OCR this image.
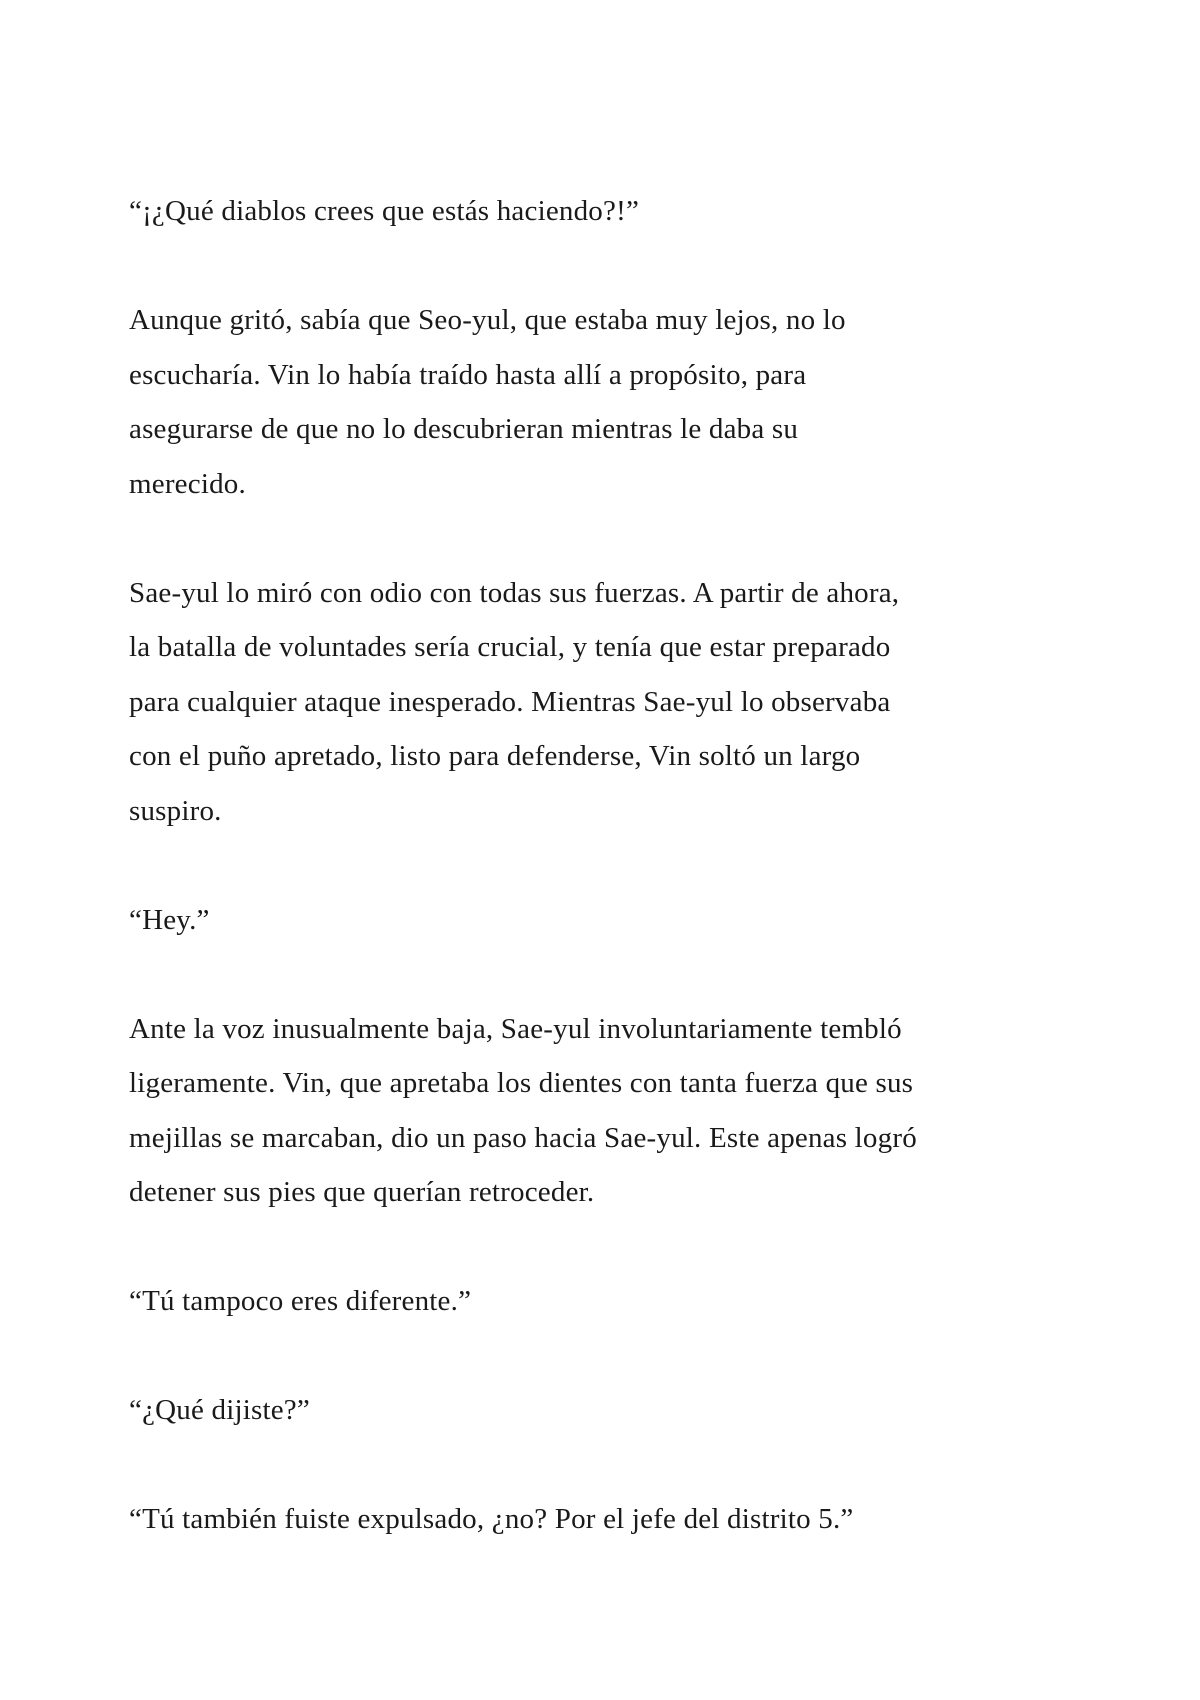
“¡¿Qué diablos crees que estás haciendo?!”

Aunque gritó, sabía que Seo-yul, que estaba muy lejos, no lo
escucharía. Vin lo había traído hasta allí a propósito, para
asegurarse de que no lo descubrieran mientras le daba su
merecido.

Sae-yul lo miró con odio con todas sus fuerzas. A partir de ahora,
la batalla de voluntades sería crucial, y tenía que estar preparado
para cualquier ataque inesperado. Mientras Sae-yul lo observaba
con el puño apretado, listo para defenderse, Vin soltó un largo
suspiro.

“Hey.”

Ante la voz inusualmente baja, Sae-yul involuntariamente tembló
ligeramente. Vin, que apretaba los dientes con tanta fuerza que sus
mejillas se marcaban, dio un paso hacia Sae-yul. Este apenas logró
detener sus pies que querían retroceder.

“Tú tampoco eres diferente.”

“¿Qué dijiste?”

“Tú también fuiste expulsado, ¿no? Por el jefe del distrito 5.”
